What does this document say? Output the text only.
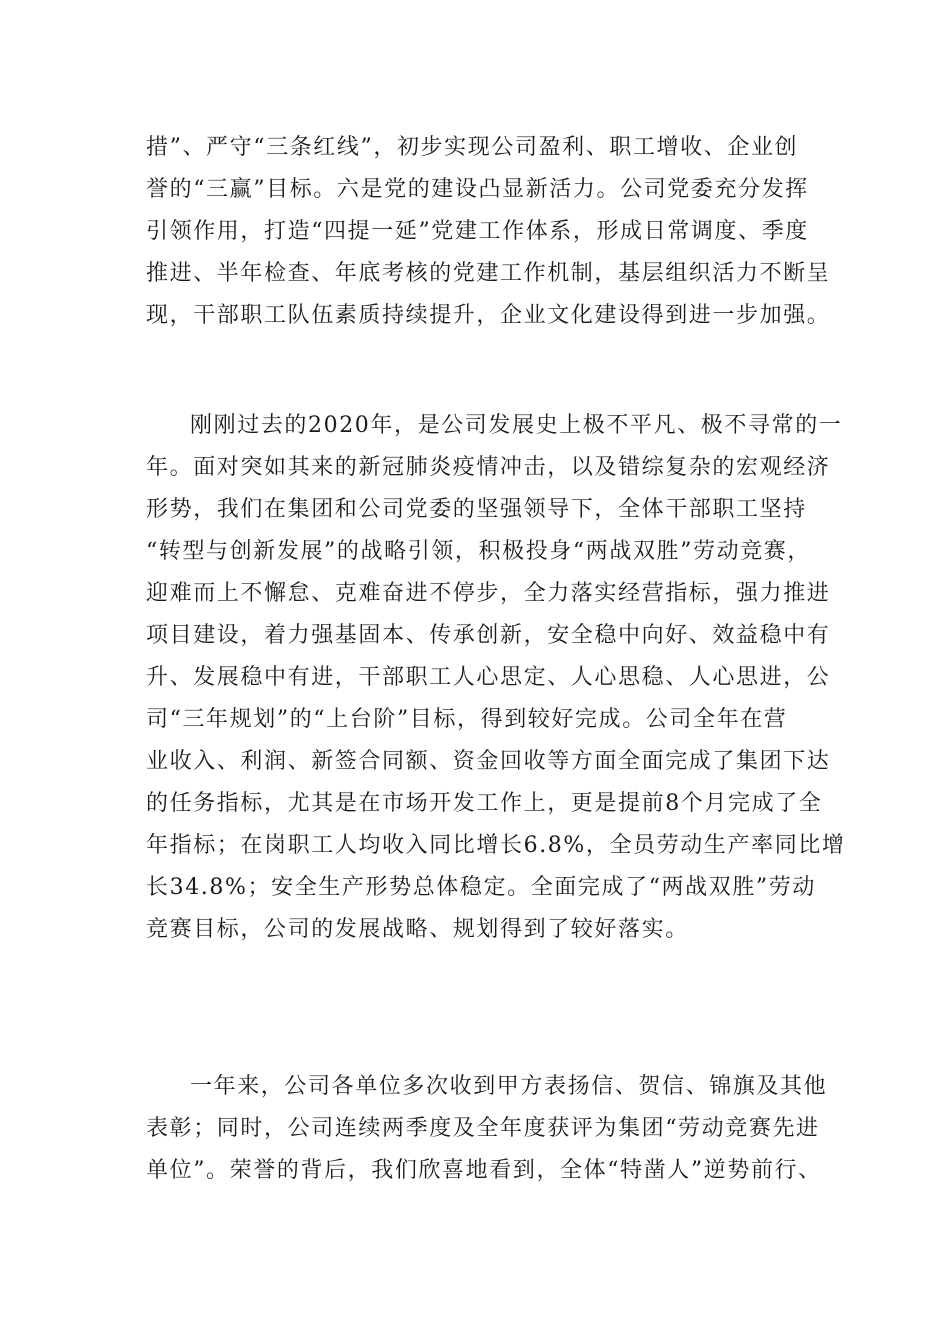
措”、严守“三条红线”，初步实现公司盈利、职工增收、企业创
誉的“三赢”目标。六是党的建设凸显新活力。公司党委充分发挥
引领作用，打造“四提一延”党建工作体系，形成日常调度、季度
推进、半年检查、年底考核的党建工作机制，基层组织活力不断呈
现，干部职工队伍素质持续提升，企业文化建设得到进一步加强。
刚刚过去的2020年，是公司发展史上极不平凡、极不寻常的一
年。面对突如其来的新冠肺炎疫情冲击，以及错综复杂的宏观经济
形势，我们在集团和公司党委的坚强领导下，全体干部职工坚持
“转型与创新发展”的战略引领，积极投身“两战双胜”劳动竞赛，
迎难而上不懈怠、克难奋进不停步，全力落实经营指标，强力推进
项目建设，着力强基固本、传承创新，安全稳中向好、效益稳中有
升、发展稳中有进，干部职工人心思定、人心思稳、人心思进，公
司“三年规划”的“上台阶”目标，得到较好完成。公司全年在营
业收入、利润、新签合同额、资金回收等方面全面完成了集团下达
的任务指标，尤其是在市场开发工作上，更是提前8个月完成了全
年指标；在岗职工人均收入同比增长6.8%，全员劳动生产率同比增
长34.8%；安全生产形势总体稳定。全面完成了“两战双胜”劳动
竞赛目标，公司的发展战略、规划得到了较好落实。
一年来，公司各单位多次收到甲方表扬信、贺信、锦旗及其他
表彰；同时，公司连续两季度及全年度获评为集团“劳动竞赛先进
单位”。荣誉的背后，我们欣喜地看到，全体“特凿人”逆势前行、
